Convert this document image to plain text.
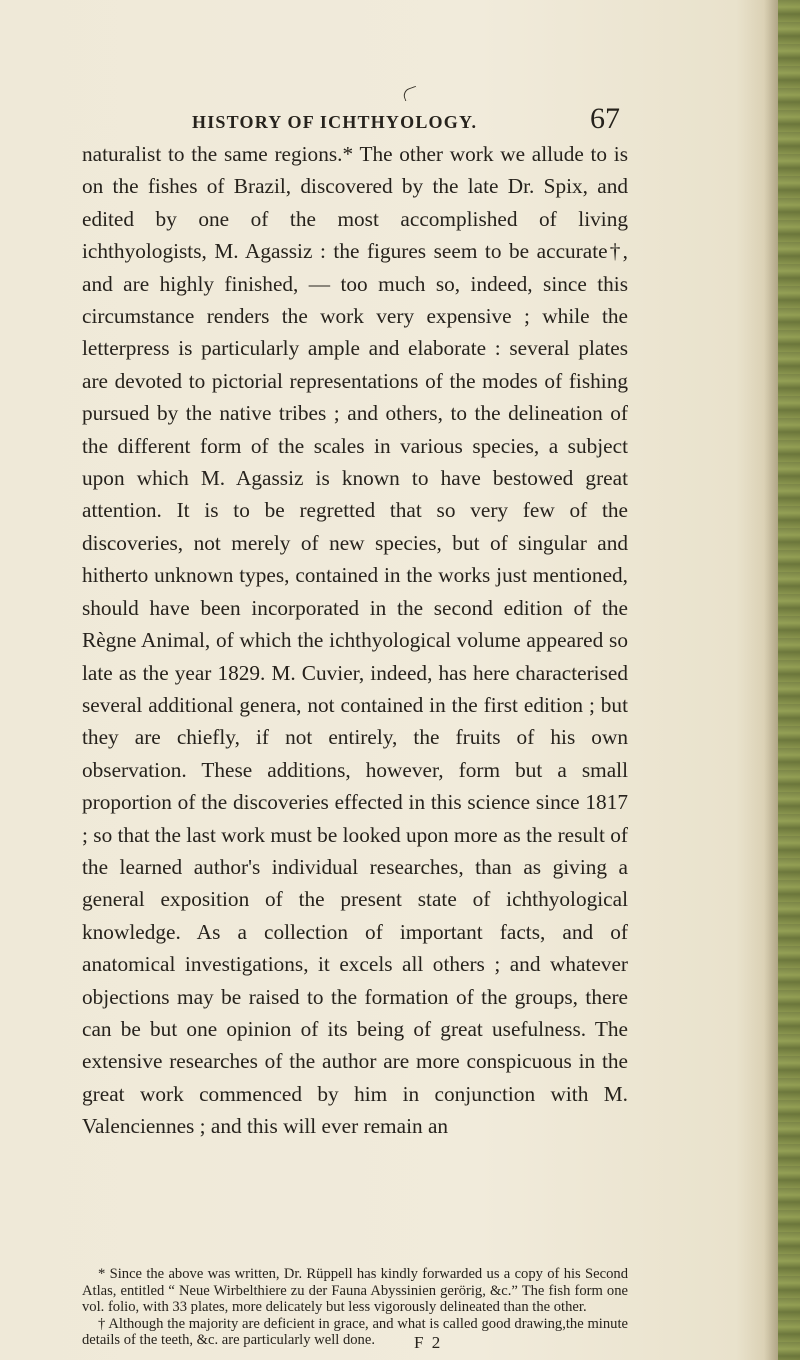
HISTORY OF ICHTHYOLOGY.	67

naturalist to the same regions.* The other work we allude to is on the fishes of Brazil, discovered by the late Dr. Spix, and edited by one of the most accomplished of living ichthyologists, M. Agassiz : the figures seem to be accurate†, and are highly finished, — too much so, indeed, since this circumstance renders the work very expensive ; while the letterpress is particularly ample and elaborate : several plates are devoted to pictorial representations of the modes of fishing pursued by the native tribes ; and others, to the delineation of the different form of the scales in various species, a subject upon which M. Agassiz is known to have bestowed great attention. It is to be regretted that so very few of the discoveries, not merely of new species, but of singular and hitherto unknown types, contained in the works just mentioned, should have been incorporated in the second edition of the Règne Animal, of which the ichthyological volume appeared so late as the year 1829. M. Cuvier, indeed, has here characterised several additional genera, not contained in the first edition ; but they are chiefly, if not entirely, the fruits of his own observation. These additions, however, form but a small proportion of the discoveries effected in this science since 1817 ; so that the last work must be looked upon more as the result of the learned author's individual researches, than as giving a general exposition of the present state of ichthyological knowledge. As a collection of important facts, and of anatomical investigations, it excels all others ; and whatever objections may be raised to the formation of the groups, there can be but one opinion of its being of great usefulness. The extensive researches of the author are more conspicuous in the great work commenced by him in conjunction with M. Valenciennes ; and this will ever remain an

* Since the above was written, Dr. Rüppell has kindly forwarded us a copy of his Second Atlas, entitled “ Neue Wirbelthiere zu der Fauna Abyssinien gerörig, &c.” The fish form one vol. folio, with 33 plates, more delicately but less vigorously delineated than the other.

† Although the majority are deficient in grace, and what is called good drawing,the minute details of the teeth, &c. are particularly well done.	F 2
